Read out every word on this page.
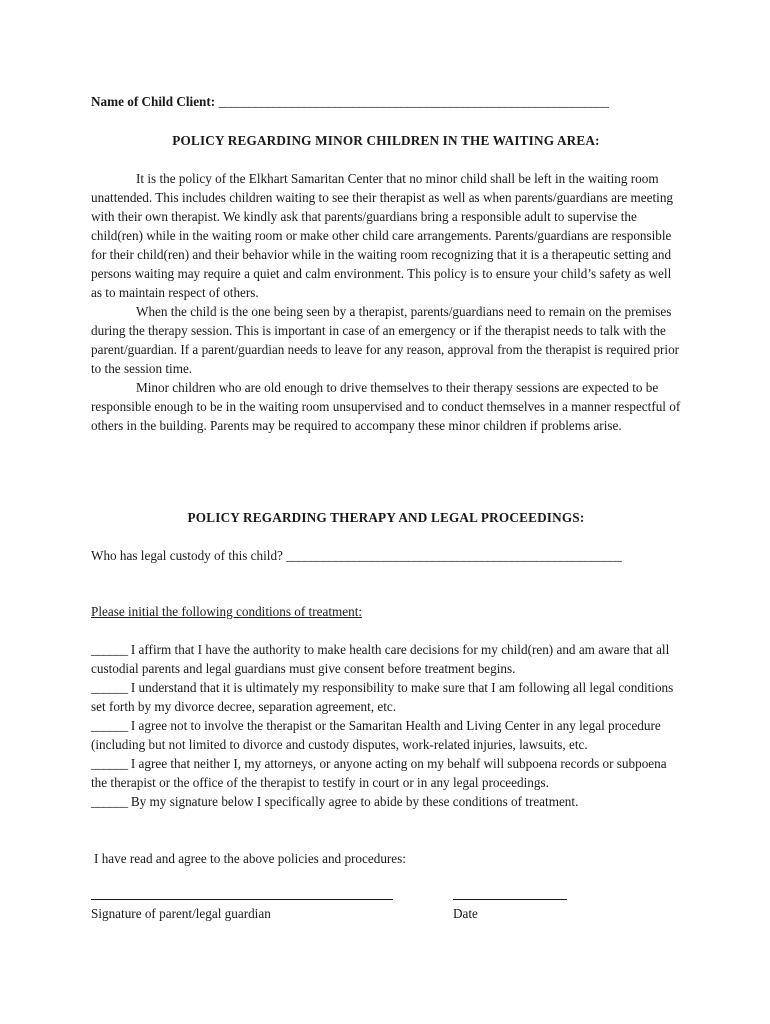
Name of Child Client: ________________________________________________________________
POLICY REGARDING MINOR CHILDREN IN THE WAITING AREA:

It is the policy of the Elkhart Samaritan Center that no minor child shall be left in the waiting room unattended. This includes children waiting to see their therapist as well as when parents/guardians are meeting with their own therapist. We kindly ask that parents/guardians bring a responsible adult to supervise the child(ren) while in the waiting room or make other child care arrangements. Parents/guardians are responsible for their child(ren) and their behavior while in the waiting room recognizing that it is a therapeutic setting and persons waiting may require a quiet and calm environment. This policy is to ensure your child’s safety as well as to maintain respect of others.

When the child is the one being seen by a therapist, parents/guardians need to remain on the premises during the therapy session. This is important in case of an emergency or if the therapist needs to talk with the parent/guardian. If a parent/guardian needs to leave for any reason, approval from the therapist is required prior to the session time.

Minor children who are old enough to drive themselves to their therapy sessions are expected to be responsible enough to be in the waiting room unsupervised and to conduct themselves in a manner respectful of others in the building. Parents may be required to accompany these minor children if problems arise.

POLICY REGARDING THERAPY AND LEGAL PROCEEDINGS:
Who has legal custody of this child? _______________________________________________________
Please initial the following conditions of treatment:

______ I affirm that I have the authority to make health care decisions for my child(ren) and am aware that all custodial parents and legal guardians must give consent before treatment begins.

______ I understand that it is ultimately my responsibility to make sure that I am following all legal conditions set forth by my divorce decree, separation agreement, etc.

______ I agree not to involve the therapist or the Samaritan Health and Living Center in any legal procedure (including but not limited to divorce and custody disputes, work-related injuries, lawsuits, etc.

______ I agree that neither I, my attorneys, or anyone acting on my behalf will subpoena records or subpoena the therapist or the office of the therapist to testify in court or in any legal proceedings.

______ By my signature below I specifically agree to abide by these conditions of treatment.

I have read and agree to the above policies and procedures:
Signature of parent/legal guardian	Date
